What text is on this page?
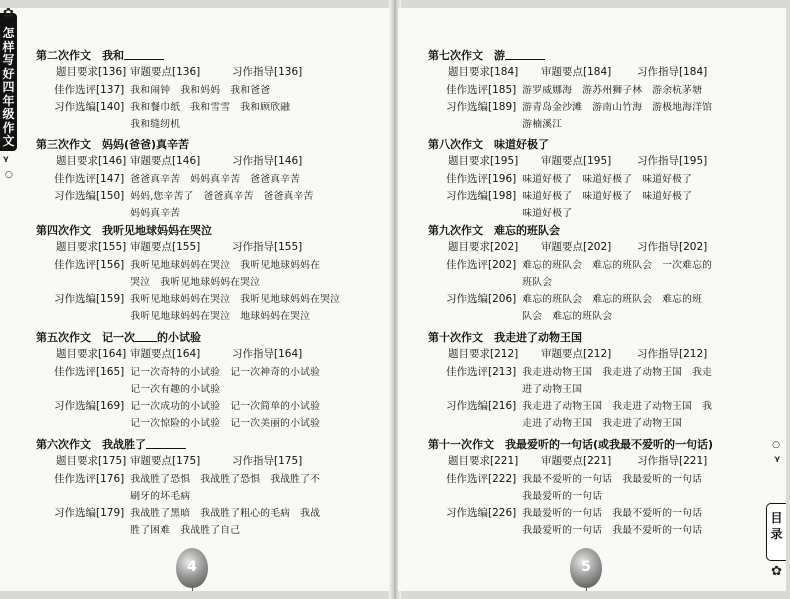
怎
样
写
好
四
年
级
作
文
✿
ᵞ
○
第二次作文　我和
题目要求[136] 审题要点[136]	习作指导[136]
佳作选评[137] 我和闹钟　我和妈妈　我和爸爸
习作选编[140] 我和餐巾纸　我和雪雪　我和顾欣融
我和缝纫机
第三次作文　妈妈(爸爸)真辛苦
题目要求[146] 审题要点[146]	习作指导[146]
佳作选评[147] 爸爸真辛苦　妈妈真辛苦　爸爸真辛苦
习作选编[150] 妈妈,您辛苦了　爸爸真辛苦　爸爸真辛苦
妈妈真辛苦
第四次作文　我听见地球妈妈在哭泣
题目要求[155] 审题要点[155]	习作指导[155]
佳作选评[156] 我听见地球妈妈在哭泣　我听见地球妈妈在
哭泣　我听见地球妈妈在哭泣
习作选编[159] 我听见地球妈妈在哭泣　我听见地球妈妈在哭泣
我听见地球妈妈在哭泣　地球妈妈在哭泣
第五次作文　记一次 的小试验
题目要求[164] 审题要点[164]	习作指导[164]
佳作选评[165] 记一次奇特的小试验　记一次神奇的小试验
记一次有趣的小试验
习作选编[169] 记一次成功的小试验　记一次简单的小试验
记一次惊险的小试验　记一次美丽的小试验
第六次作文　我战胜了
题目要求[175] 审题要点[175]	习作指导[175]
佳作选评[176] 我战胜了恐惧　我战胜了恐惧　我战胜了不
刷牙的坏毛病
习作选编[179] 我战胜了黑暗　我战胜了粗心的毛病　我战
胜了困难　我战胜了自己
4
第七次作文　游
题目要求[184] 审题要点[184] 习作指导[184]
佳作选评[185] 游罗威娜海　游苏州狮子林　游余杭茅塘
习作选编[189] 游青岛金沙滩　游南山竹海　游极地海洋馆
游楠溪江
第八次作文　味道好极了
题目要求[195] 审题要点[195] 习作指导[195]
佳作选评[196] 味道好极了　味道好极了　味道好极了
习作选编[198] 味道好极了　味道好极了　味道好极了
味道好极了
第九次作文　难忘的班队会
题目要求[202] 审题要点[202] 习作指导[202]
佳作选评[202] 难忘的班队会　难忘的班队会　一次难忘的
班队会
习作选编[206] 难忘的班队会　难忘的班队会　难忘的班
队会　难忘的班队会
第十次作文　我走进了动物王国
题目要求[212] 审题要点[212] 习作指导[212]
佳作选评[213] 我走进动物王国　我走进了动物王国　我走
进了动物王国
习作选编[216] 我走进了动物王国　我走进了动物王国　我
走进了动物王国　我走进了动物王国
第十一次作文　我最爱听的一句话(或我最不爱听的一句话)
题目要求[221] 审题要点[221] 习作指导[221]
佳作选评[222] 我最不爱听的一句话　我最爱听的一句话
我最爱听的一句话
习作选编[226] 我最爱听的一句话　我最不爱听的一句话
我最爱听的一句话　我最不爱听的一句话
○
ᵞ
目
录
✿
5
